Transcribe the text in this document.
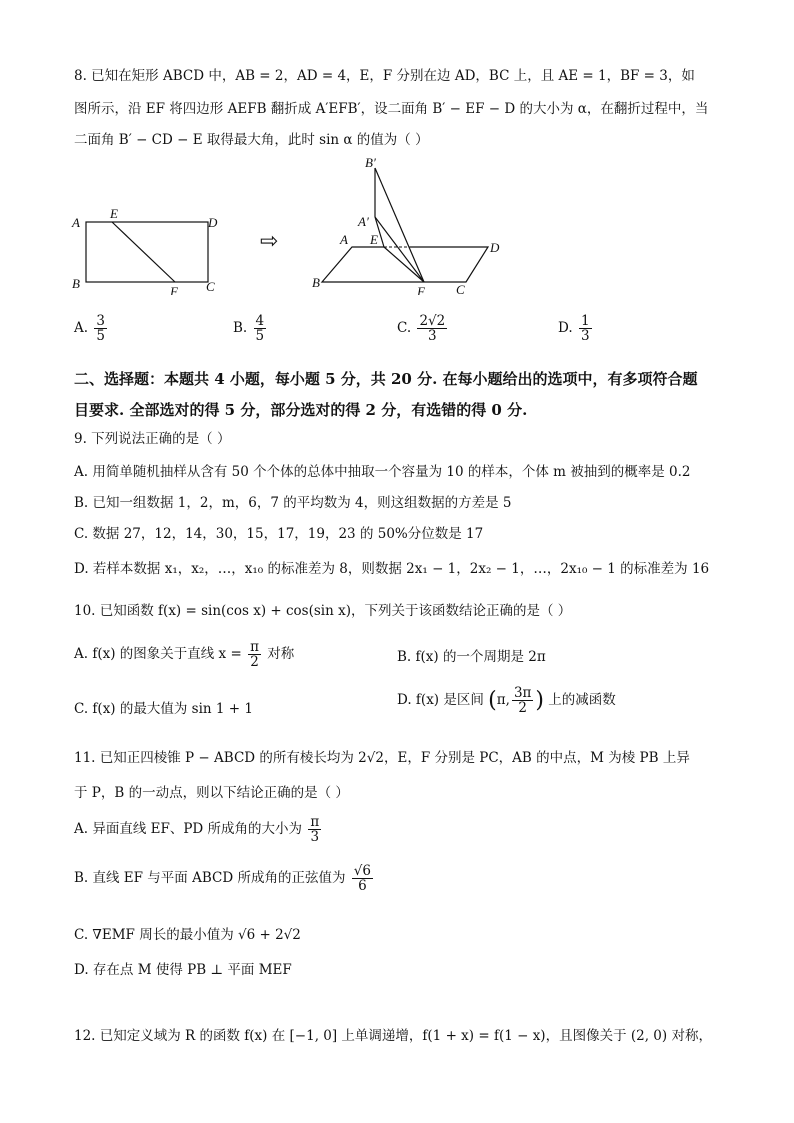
8. 已知在矩形 ABCD 中，AB = 2，AD = 4，E，F 分别在边 AD，BC 上，且 AE = 1，BF = 3，如
图所示，沿 EF 将四边形 AEFB 翻折成 A′EFB′，设二面角 B′ − EF − D 的大小为 α，在翻折过程中，当
二面角 B′ − CD − E 取得最大角，此时 sin α 的值为（ ）
A
E
D
B
F C
⇨
B′
A′
A E
D
B
F C
A. $\frac{3}{5}$	B. $\frac{4}{5}$	C. $\frac{2√2}{3}$	D. $\frac{1}{3}$
二、选择题：本题共 4 小题，每小题 5 分，共 20 分. 在每小题给出的选项中，有多项符合题
目要求. 全部选对的得 5 分，部分选对的得 2 分，有选错的得 0 分.
9. 下列说法正确的是（ ）
A. 用简单随机抽样从含有 50 个个体的总体中抽取一个容量为 10 的样本，个体 m 被抽到的概率是 0.2
B. 已知一组数据 1，2，m，6，7 的平均数为 4，则这组数据的方差是 5
C. 数据 27，12，14，30，15，17，19，23 的 50%分位数是 17
D. 若样本数据 x₁，x₂，…，x₁₀ 的标准差为 8，则数据 2x₁ − 1，2x₂ − 1，…，2x₁₀ − 1 的标准差为 16
10. 已知函数 f(x) = sin(cos x) + cos(sin x)，下列关于该函数结论正确的是（ ）
A. f(x) 的图象关于直线 $x = \frac{\pi}{2}$ 对称	B. f(x) 的一个周期是 2π
C. f(x) 的最大值为 sin 1 + 1
D. f(x) 是区间 (π, $\frac{3\pi}{2}$ ) 上的减函数
11. 已知正四棱锥 P − ABCD 的所有棱长均为 2√2，E，F 分别是 PC，AB 的中点，M 为棱 PB 上异
于 P，B 的一动点，则以下结论正确的是（ ）
A. 异面直线 EF、PD 所成角的大小为 $\frac{\pi}{3}$
B. 直线 EF 与平面 ABCD 所成角的正弦值为 $\frac{√6}{6}$
C. ∇EMF 周长的最小值为 √6 + 2√2
D. 存在点 M 使得 PB ⊥ 平面 MEF
12. 已知定义域为 R 的函数 f(x) 在 [−1, 0] 上单调递增，f(1 + x) = f(1 − x)，且图像关于 (2, 0) 对称，
